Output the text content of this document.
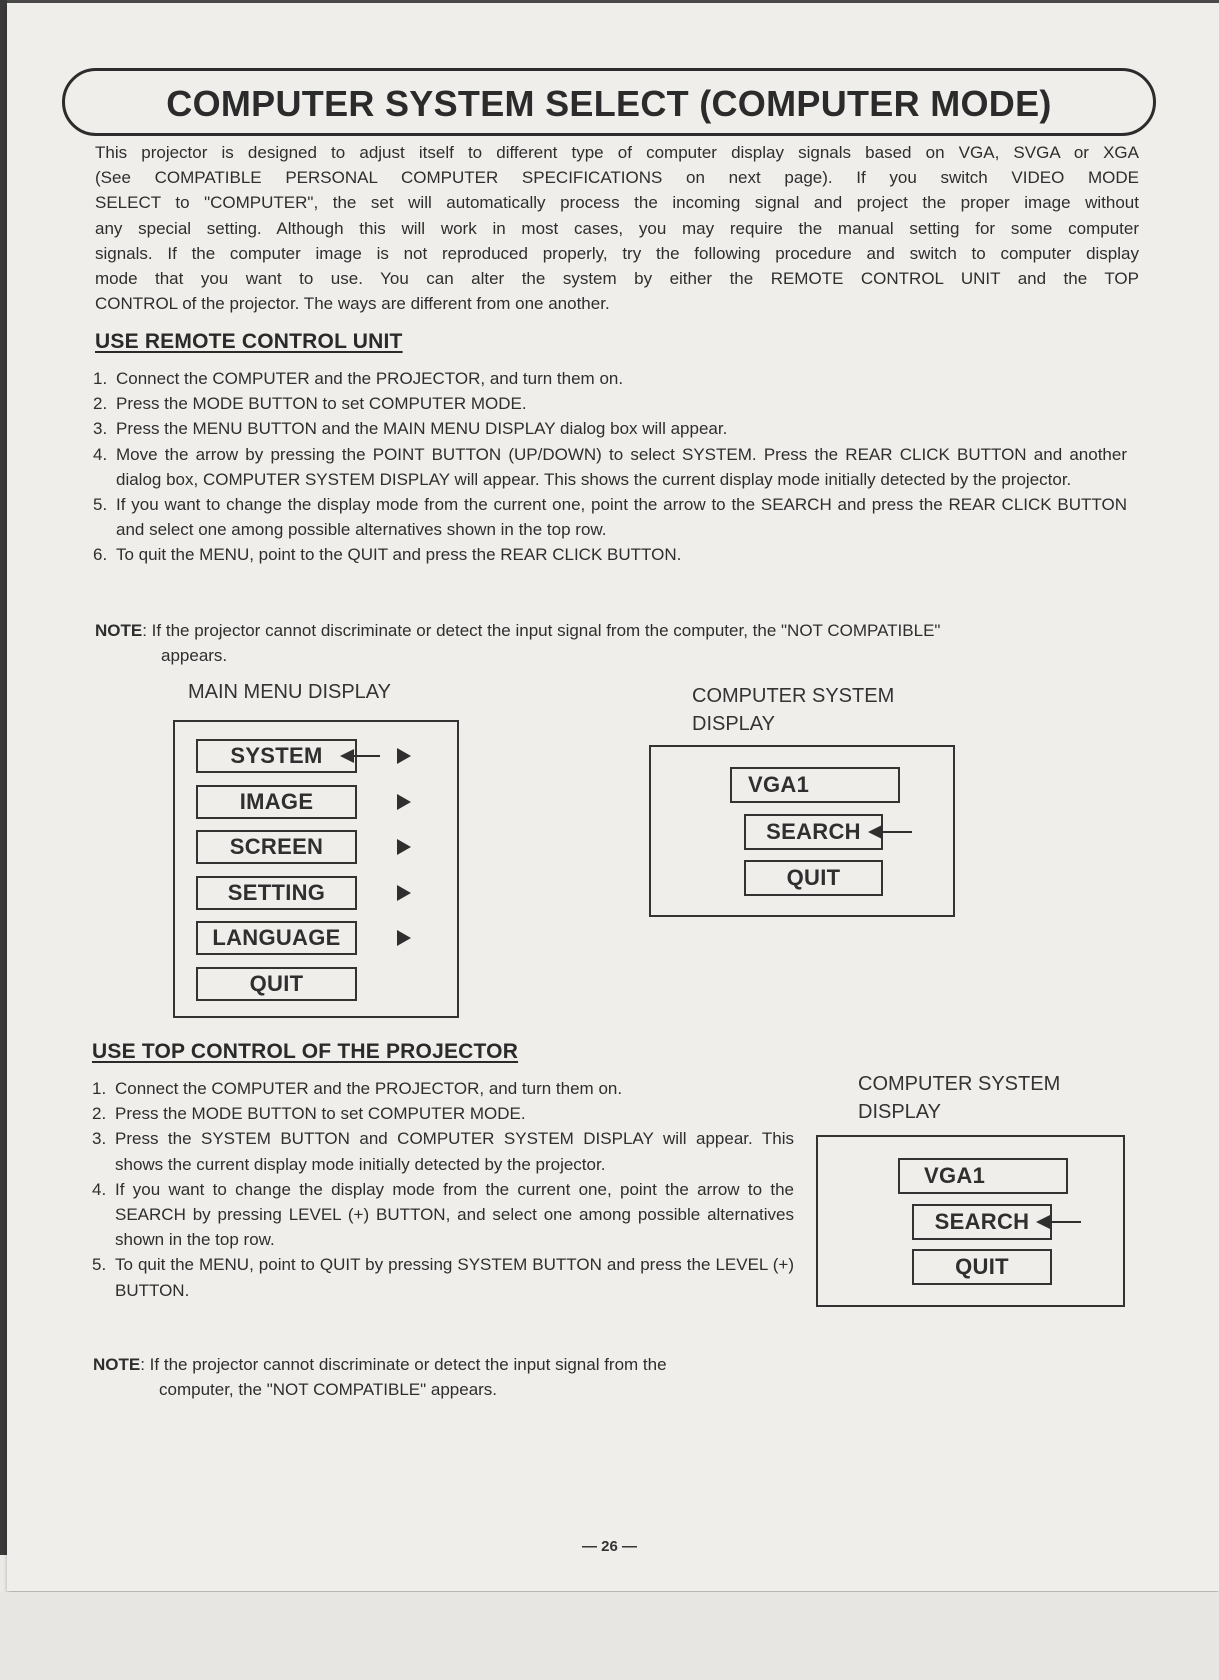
COMPUTER SYSTEM SELECT (COMPUTER MODE)
This projector is designed to adjust itself to different type of computer display signals based on VGA, SVGA or XGA
(See COMPATIBLE PERSONAL COMPUTER SPECIFICATIONS on next page). If you switch VIDEO MODE
SELECT to "COMPUTER", the set will automatically process the incoming signal and project the proper image without
any special setting. Although this will work in most cases, you may require the manual setting for some computer
signals. If the computer image is not reproduced properly, try the following procedure and switch to computer display
mode that you want to use. You can alter the system by either the REMOTE CONTROL UNIT and the TOP
CONTROL of the projector. The ways are different from one another.
USE REMOTE CONTROL UNIT
1. Connect the COMPUTER and the PROJECTOR, and turn them on.
2. Press the MODE BUTTON to set COMPUTER MODE.
3. Press the MENU BUTTON and the MAIN MENU DISPLAY dialog box will appear.
4. Move the arrow by pressing the POINT BUTTON (UP/DOWN) to select SYSTEM. Press the REAR CLICK BUTTON and another dialog box, COMPUTER SYSTEM DISPLAY will appear. This shows the current display mode initially detected by the projector.
5. If you want to change the display mode from the current one, point the arrow to the SEARCH and press the REAR CLICK BUTTON and select one among possible alternatives shown in the top row.
6. To quit the MENU, point to the QUIT and press the REAR CLICK BUTTON.
NOTE: If the projector cannot discriminate or detect the input signal from the computer, the "NOT COMPATIBLE"
appears.
MAIN MENU DISPLAY
SYSTEM
IMAGE
SCREEN
SETTING
LANGUAGE
QUIT
COMPUTER SYSTEM
DISPLAY
VGA1
SEARCH
QUIT
USE TOP CONTROL OF THE PROJECTOR
1. Connect the COMPUTER and the PROJECTOR, and turn them on.
2. Press the MODE BUTTON to set COMPUTER MODE.
3. Press the SYSTEM BUTTON and COMPUTER SYSTEM DISPLAY will appear. This shows the current display mode initially detected by the projector.
4. If you want to change the display mode from the current one, point the arrow to the SEARCH by pressing LEVEL (+) BUTTON, and select one among possible alternatives shown in the top row.
5. To quit the MENU, point to QUIT by pressing SYSTEM BUTTON and press the LEVEL (+) BUTTON.
NOTE: If the projector cannot discriminate or detect the input signal from the
computer, the "NOT COMPATIBLE" appears.
COMPUTER SYSTEM
DISPLAY
VGA1
SEARCH
QUIT
— 26 —
